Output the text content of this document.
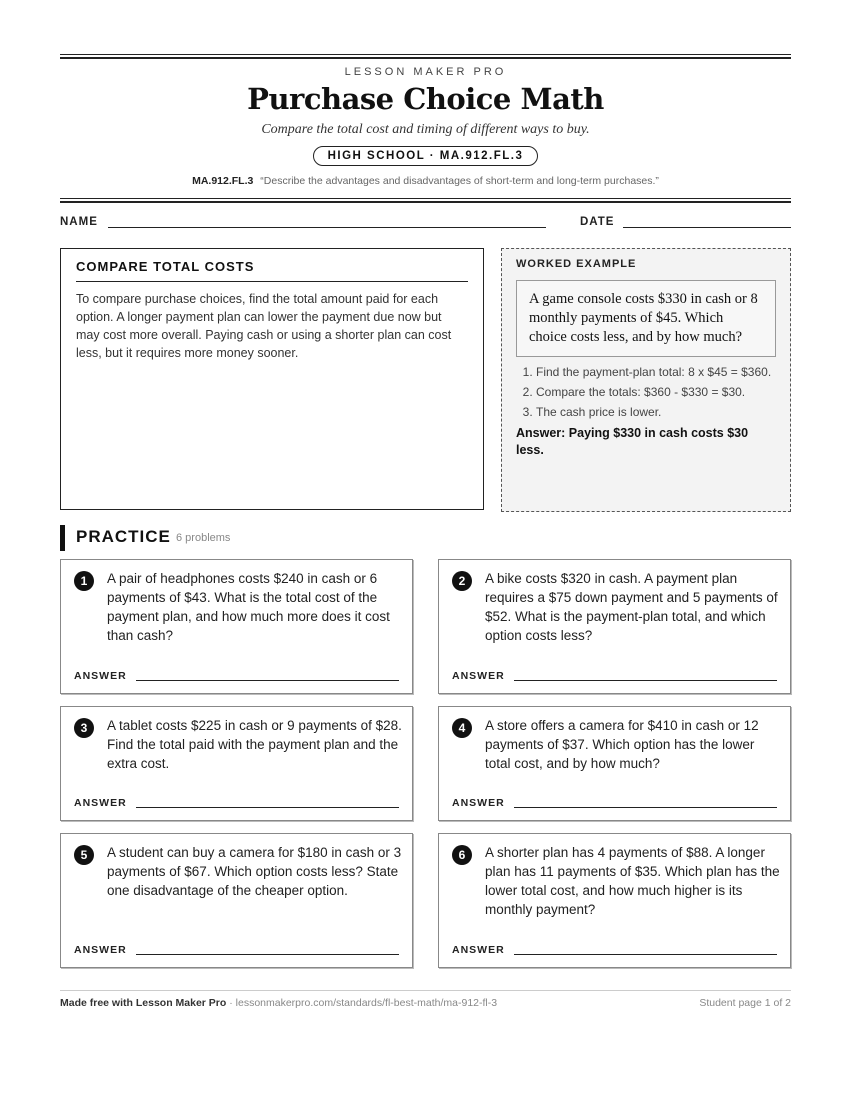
LESSON MAKER PRO
Purchase Choice Math
Compare the total cost and timing of different ways to buy.
HIGH SCHOOL · MA.912.FL.3
MA.912.FL.3 “Describe the advantages and disadvantages of short-term and long-term purchases.”
NAME	DATE
COMPARE TOTAL COSTS

To compare purchase choices, find the total amount paid for each option. A longer payment plan can lower the payment due now but may cost more overall. Paying cash or using a shorter plan can cost less, but it requires more money sooner.

WORKED EXAMPLE
A game console costs $330 in cash or 8 monthly payments of $45. Which choice costs less, and by how much?
1. Find the payment-plan total: 8 x $45 = $360.
2. Compare the totals: $360 - $330 = $30.
3. The cash price is lower.
Answer: Paying $330 in cash costs $30 less.
PRACTICE 6 problems
1	A pair of headphones costs $240 in cash or 6 payments of $43. What is the total cost of the payment plan, and how much more does it cost than cash?
ANSWER
2	A bike costs $320 in cash. A payment plan requires a $75 down payment and 5 payments of $52. What is the payment-plan total, and which option costs less?
ANSWER
3	A tablet costs $225 in cash or 9 payments of $28. Find the total paid with the payment plan and the extra cost.
ANSWER
4	A store offers a camera for $410 in cash or 12 payments of $37. Which option has the lower total cost, and by how much?
ANSWER
5	A student can buy a camera for $180 in cash or 3 payments of $67. Which option costs less? State one disadvantage of the cheaper option.
ANSWER
6	A shorter plan has 4 payments of $88. A longer plan has 11 payments of $35. Which plan has the lower total cost, and how much higher is its monthly payment?
ANSWER
Made free with Lesson Maker Pro · lessonmakerpro.com/standards/fl-best-math/ma-912-fl-3	Student page 1 of 2
